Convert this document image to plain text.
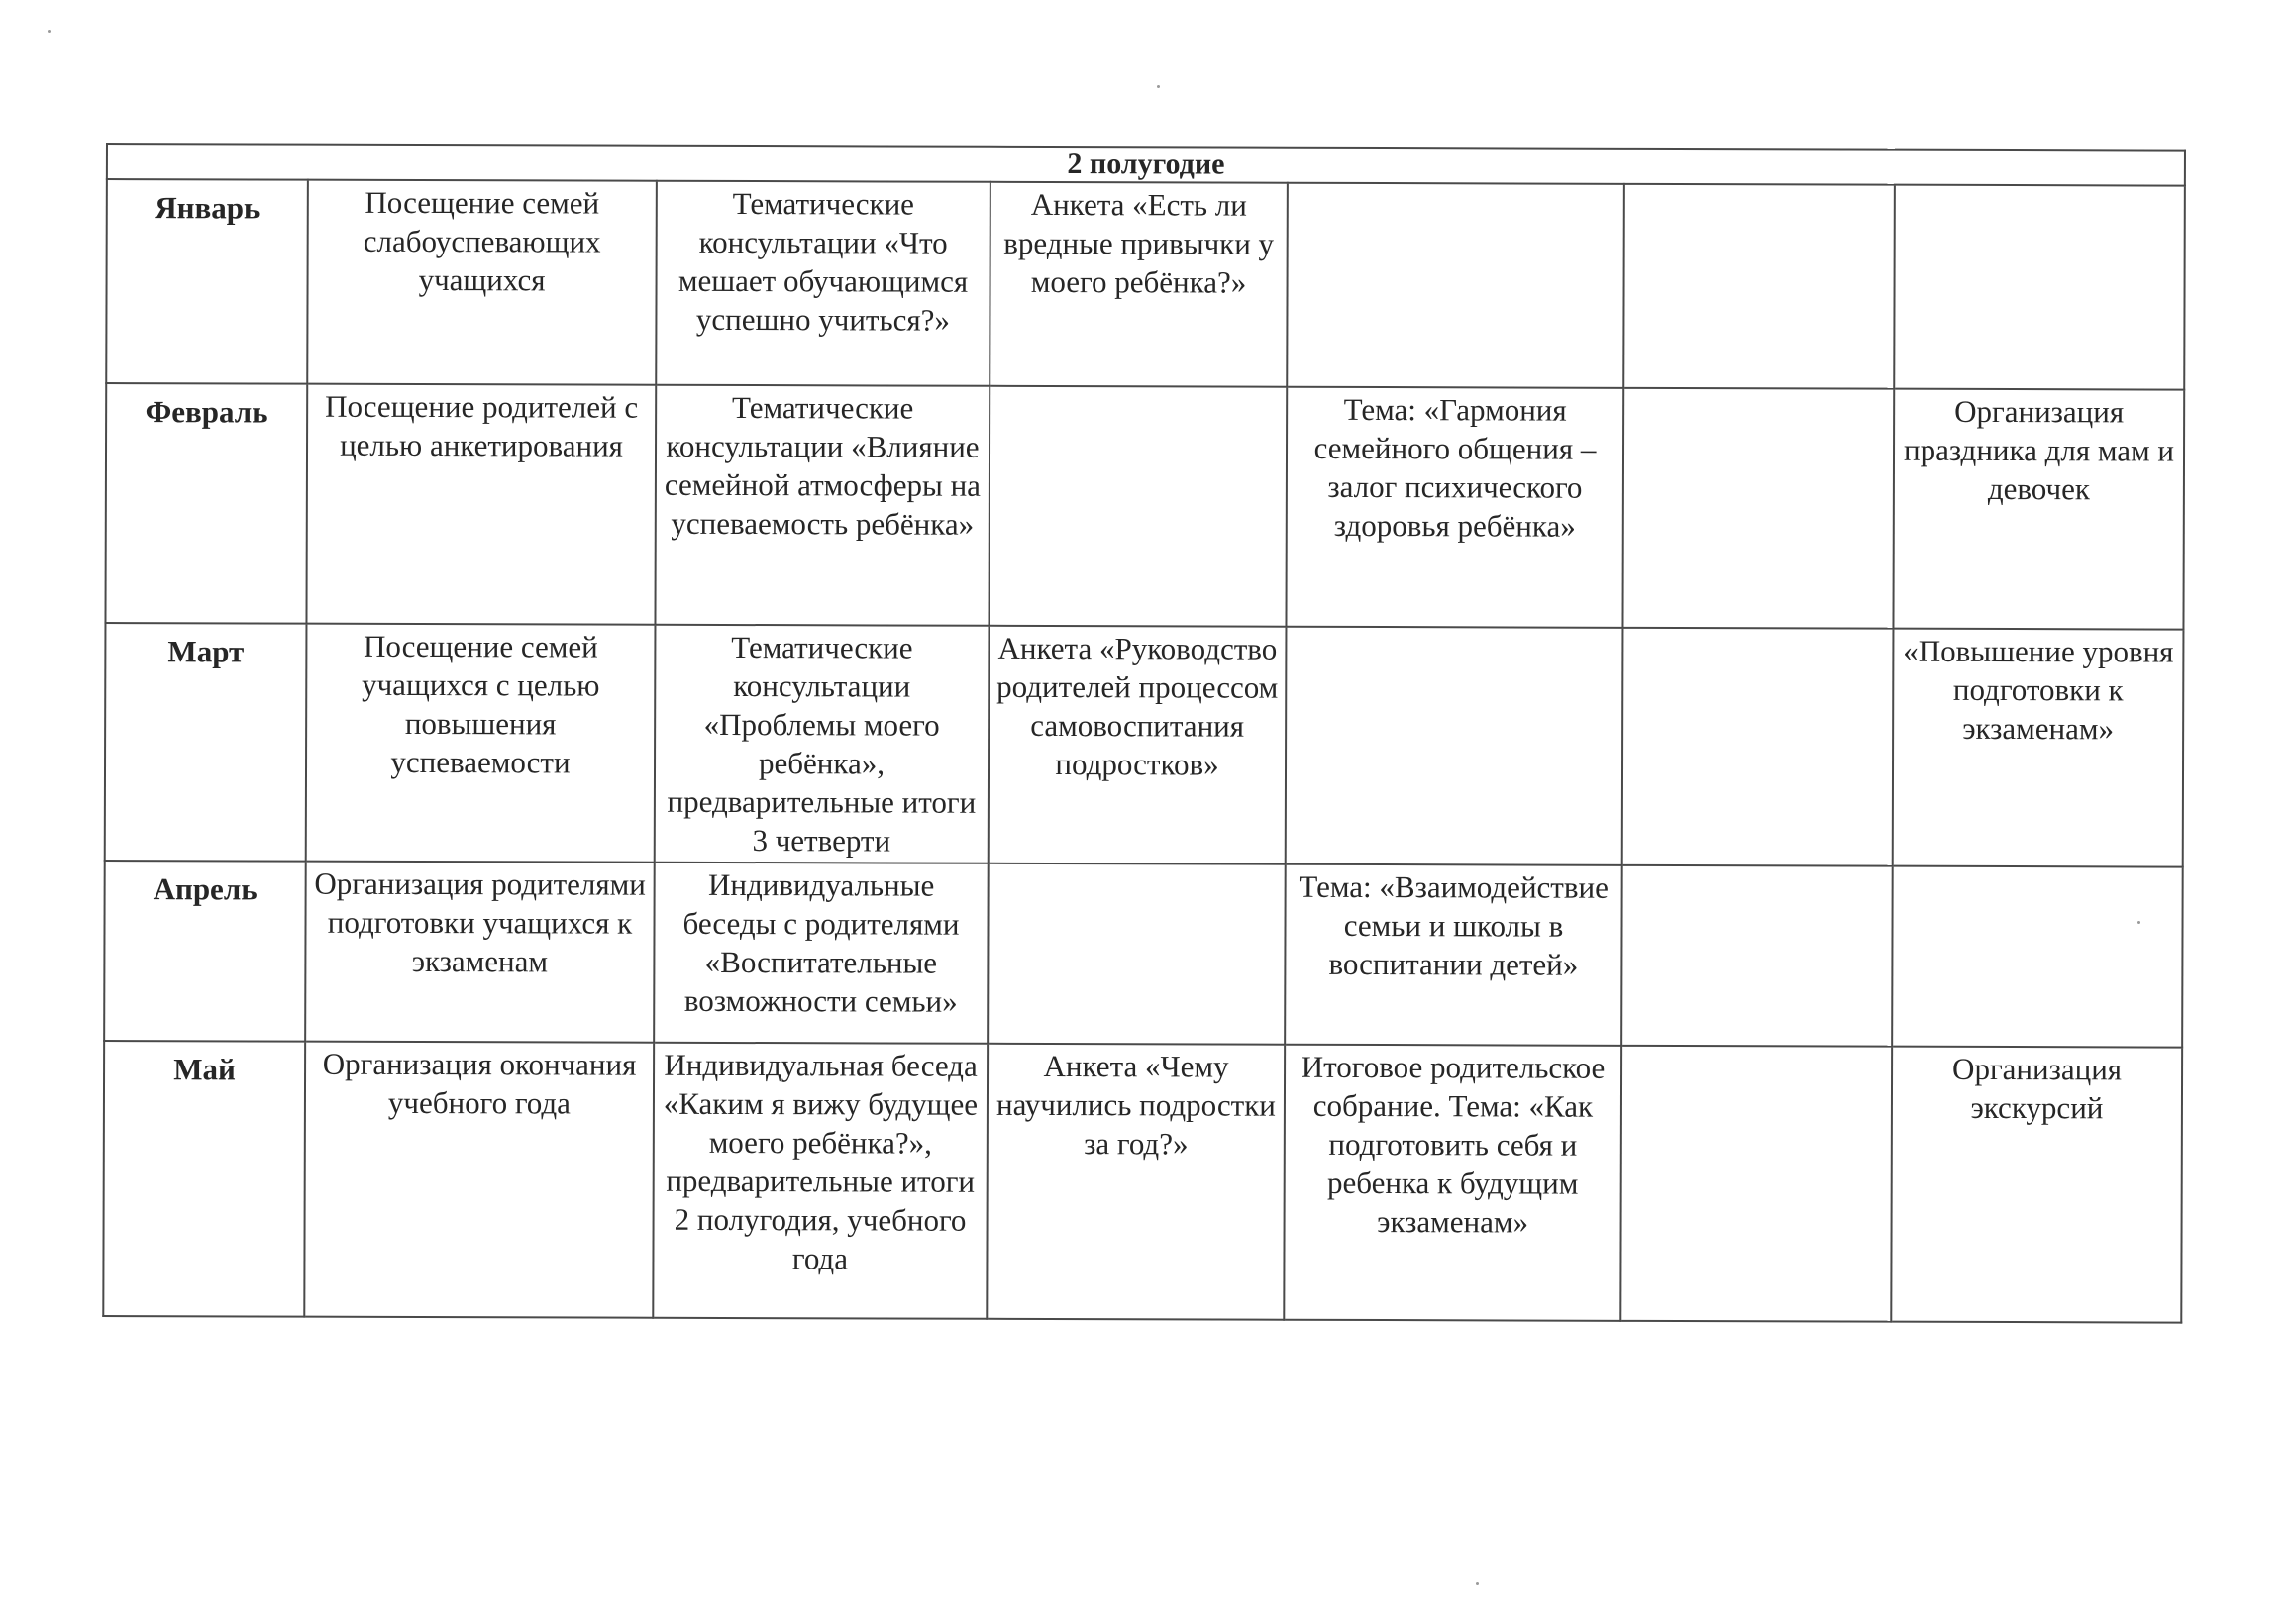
2 полугодие						
Январь	Посещение семей слабоуспевающих учащихся	Тематические консультации «Что мешает обучающимся успешно учиться?»	Анкета «Есть ли вредные привычки у моего ребёнка?»			
Февраль	Посещение родителей с целью анкетирования	Тематические консультации «Влияние семейной атмосферы на успеваемость ребёнка»		Тема: «Гармония семейного общения – залог психического здоровья ребёнка»		Организация праздника для мам и девочек
Март	Посещение семей учащихся с целью повышения успеваемости	Тематические консультации «Проблемы моего ребёнка», предварительные итоги 3 четверти	Анкета «Руководство родителей процессом самовоспитания подростков»			«Повышение уровня подготовки к экзаменам»
Апрель	Организация родителями подготовки учащихся к экзаменам	Индивидуальные беседы с родителями «Воспитательные возможности семьи»		Тема: «Взаимодействие семьи и школы в воспитании детей»		
Май	Организация окончания учебного года	Индивидуальная беседа «Каким я вижу будущее моего ребёнка?», предварительные итоги 2 полугодия, учебного года	Анкета «Чему научились подростки за год?»	Итоговое родительское собрание. Тема: «Как подготовить себя и ребенка к будущим экзаменам»		Организация экскурсий
